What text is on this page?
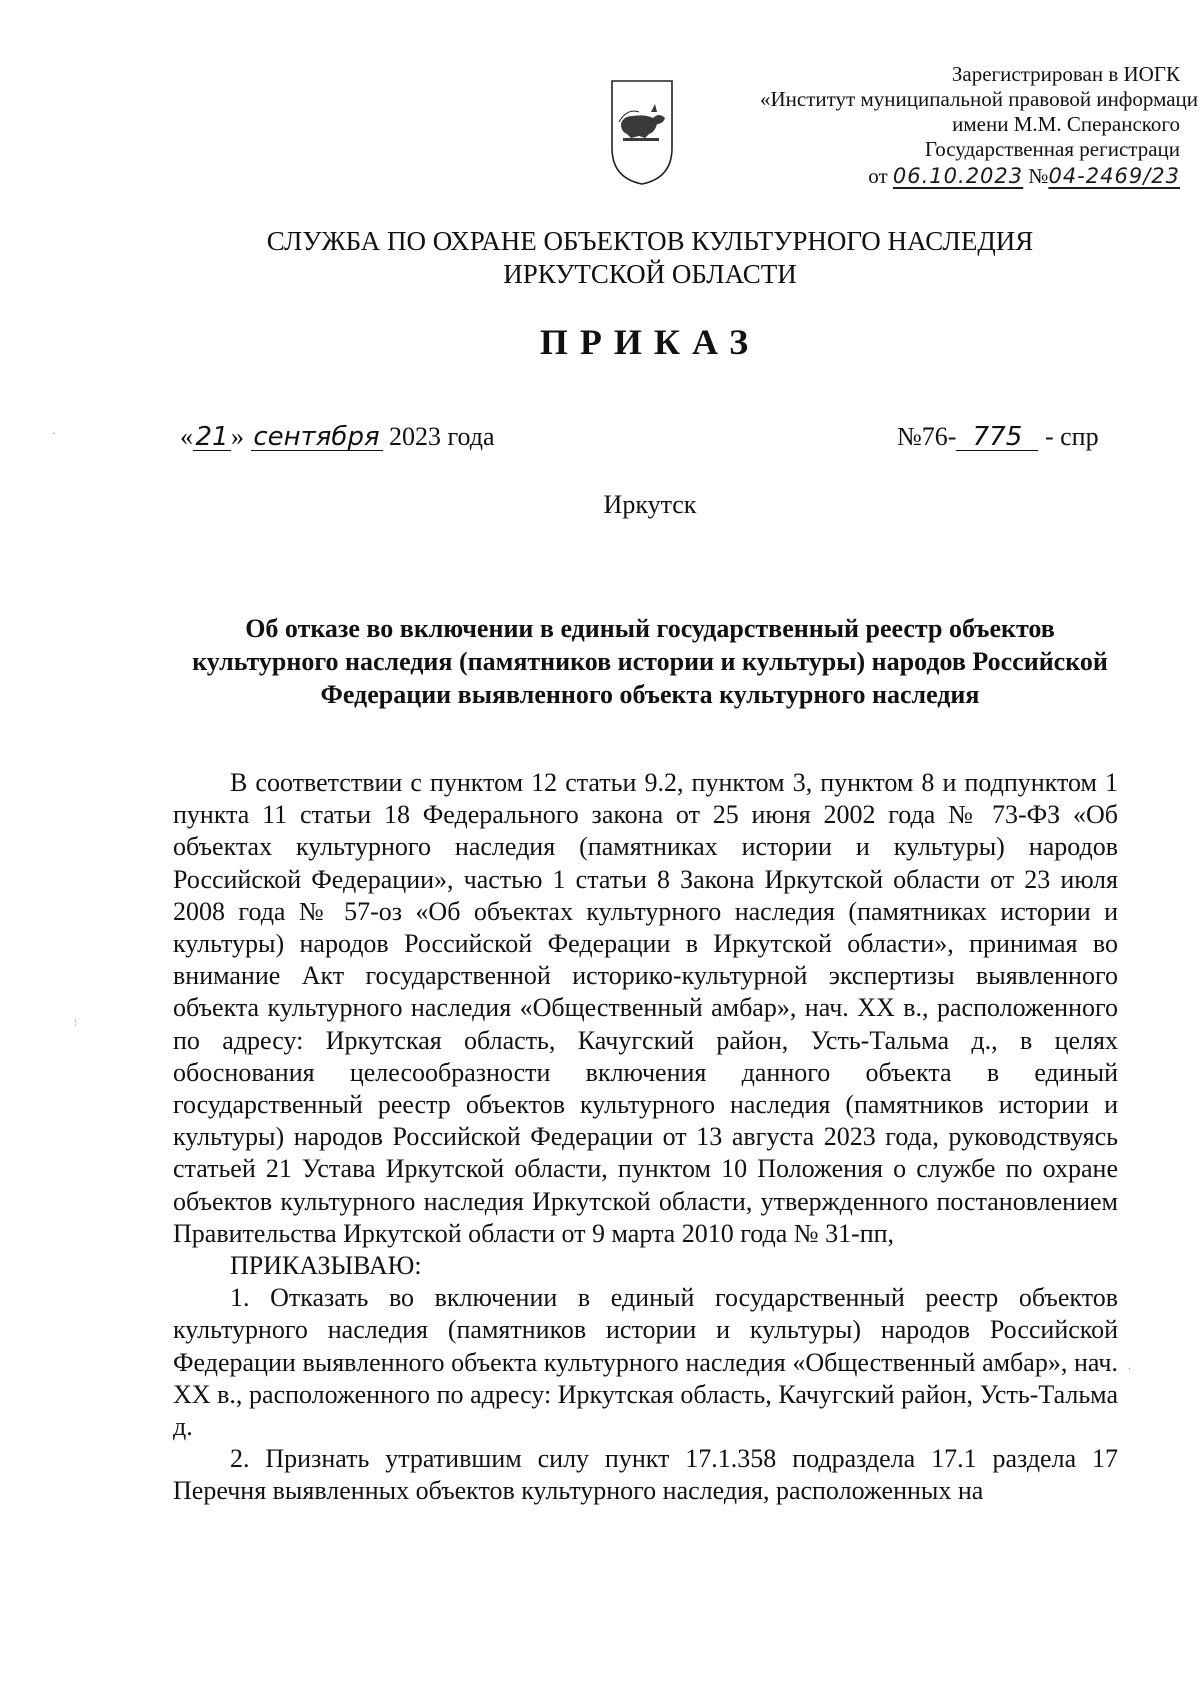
Зарегистрирован в ИОГК
«Институт муниципальной правовой информаци
имени М.М. Сперанского
Государственная регистраци
от 06.10.2023 №04-2469/23
СЛУЖБА ПО ОХРАНЕ ОБЪЕКТОВ КУЛЬТУРНОГО НАСЛЕДИЯ
ИРКУТСКОЙ ОБЛАСТИ
ПРИКАЗ
«21» сентября 2023 года	№76- 775 - спр
Иркутск
Об отказе во включении в единый государственный реестр объектов культурного наследия (памятников истории и культуры) народов Российской Федерации выявленного объекта культурного наследия

В соответствии с пунктом 12 статьи 9.2, пунктом 3, пунктом 8 и подпунктом 1 пункта 11 статьи 18 Федерального закона от 25 июня 2002 года № 73-ФЗ «Об объектах культурного наследия (памятниках истории и культуры) народов Российской Федерации», частью 1 статьи 8 Закона Иркутской области от 23 июля 2008 года № 57-оз «Об объектах культурного наследия (памятниках истории и культуры) народов Российской Федерации в Иркутской области», принимая во внимание Акт государственной историко-культурной экспертизы выявленного объекта культурного наследия «Общественный амбар», нач. XX в., расположенного по адресу: Иркутская область, Качугский район, Усть-Тальма д., в целях обоснования целесообразности включения данного объекта в единый государственный реестр объектов культурного наследия (памятников истории и культуры) народов Российской Федерации от 13 августа 2023 года, руководствуясь статьей 21 Устава Иркутской области, пунктом 10 Положения о службе по охране объектов культурного наследия Иркутской области, утвержденного постановлением Правительства Иркутской области от 9 марта 2010 года № 31-пп,

ПРИКАЗЫВАЮ:

1. Отказать во включении в единый государственный реестр объектов культурного наследия (памятников истории и культуры) народов Российской Федерации выявленного объекта культурного наследия «Общественный амбар», нач. XX в., расположенного по адресу: Иркутская область, Качугский район, Усть-Тальма д.

2. Признать утратившим силу пункт 17.1.358 подраздела 17.1 раздела 17 Перечня выявленных объектов культурного наследия, расположенных на

-
⁝
·
